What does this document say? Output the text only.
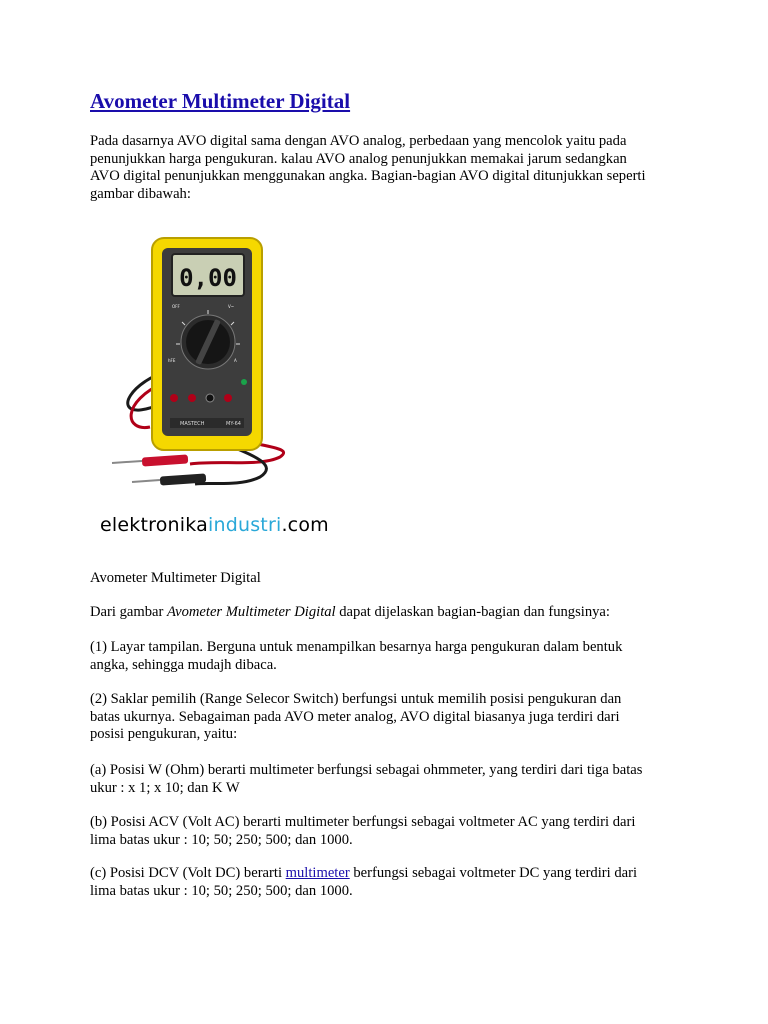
Avometer Multimeter Digital

Pada dasarnya AVO digital sama dengan AVO analog, perbedaan yang mencolok yaitu pada
penunjukkan harga pengukuran. kalau AVO analog penunjukkan memakai jarum sedangkan
AVO digital penunjukkan menggunakan angka. Bagian-bagian AVO digital ditunjukkan seperti
gambar dibawah:

0,00
OFF	V~
hFE	A
MASTECH	MY-64

elektronikaindustri.com

Avometer Multimeter Digital

Dari gambar Avometer Multimeter Digital dapat dijelaskan bagian-bagian dan fungsinya:

(1) Layar tampilan. Berguna untuk menampilkan besarnya harga pengukuran dalam bentuk
angka, sehingga mudajh dibaca.

(2) Saklar pemilih (Range Selecor Switch) berfungsi untuk memilih posisi pengukuran dan
batas ukurnya. Sebagaiman pada AVO meter analog, AVO digital biasanya juga terdiri dari
posisi pengukuran, yaitu:

(a) Posisi W (Ohm) berarti multimeter berfungsi sebagai ohmmeter, yang terdiri dari tiga batas
ukur : x 1; x 10; dan K W

(b) Posisi ACV (Volt AC) berarti multimeter berfungsi sebagai voltmeter AC yang terdiri dari
lima batas ukur : 10; 50; 250; 500; dan 1000.

(c) Posisi DCV (Volt DC) berarti multimeter berfungsi sebagai voltmeter DC yang terdiri dari
lima batas ukur : 10; 50; 250; 500; dan 1000.
